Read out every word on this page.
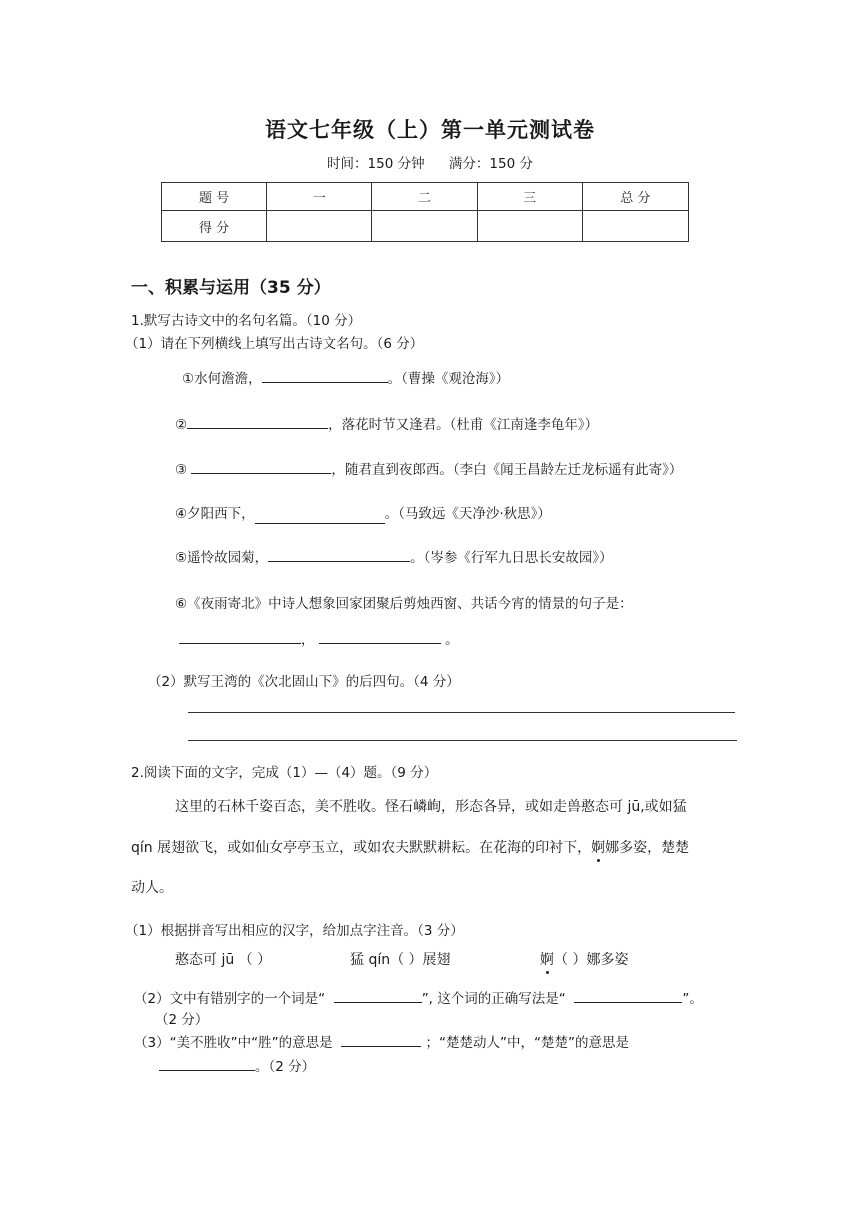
语文七年级（上）第一单元测试卷
时间：150 分钟 满分：150 分
题 号	一	二	三	总 分
得 分				
一、积累与运用（35 分）
1.默写古诗文中的名句名篇。（10 分）
（1）请在下列横线上填写出古诗文名句。（6 分）
①水何澹澹，	。（曹操《观沧海》）
②	，落花时节又逢君。（杜甫《江南逢李龟年》）
③	，随君直到夜郎西。（李白《闻王昌龄左迁龙标遥有此寄》）
④夕阳西下，	。（马致远《天净沙·秋思》）
⑤遥怜故园菊，	。（岑参《行军九日思长安故园》）
⑥《夜雨寄北》中诗人想象回家团聚后剪烛西窗、共话今宵的情景的句子是：
，	。
（2）默写王湾的《次北固山下》的后四句。（4 分）
2.阅读下面的文字，完成（1）—（4）题。（9 分）
这里的石林千姿百态，美不胜收。怪石嶙峋，形态各异，或如走兽憨态可 jū,或如猛
qín 展翅欲飞，或如仙女亭亭玉立，或如农夫默默耕耘。在花海的印衬下，婀娜多姿，楚楚
动人。
（1）根据拼音写出相应的汉字，给加点字注音。（3 分）
憨态可 jū （ ）	猛 qín（ ）展翅	婀（ ）娜多姿
（2）文中有错别字的一个词是“	”, 这个词的正确写法是“	”。
（2 分）
（3）“美不胜收”中“胜”的意思是	；“楚楚动人”中，“楚楚”的意思是
。（2 分）
